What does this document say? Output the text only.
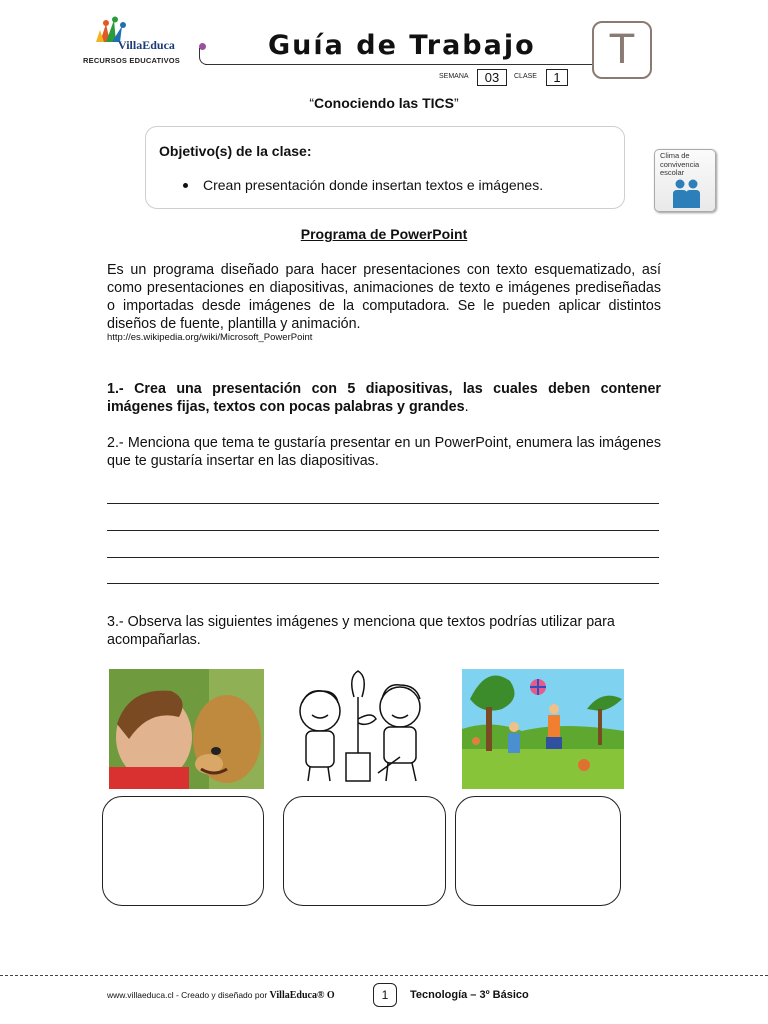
VillaEduca
RECURSOS EDUCATIVOS	Guía de Trabajo	T
SEMANA	03	CLASE	1
“Conociendo las TICS”
Objetivo(s) de la clase:
Crean presentación donde insertan textos e imágenes.
Clima de convivencia escolar
Programa de PowerPoint
Es un programa diseñado para hacer presentaciones con texto esquematizado, así como presentaciones en diapositivas, animaciones de texto e imágenes prediseñadas o importadas desde imágenes de la computadora. Se le pueden aplicar distintos diseños de fuente, plantilla y animación.
http://es.wikipedia.org/wiki/Microsoft_PowerPoint
1.- Crea una presentación con 5 diapositivas, las cuales deben contener imágenes fijas, textos con pocas palabras y grandes.
2.- Menciona que tema te gustaría presentar en un PowerPoint, enumera las imágenes que te gustaría insertar en las diapositivas.
3.- Observa las siguientes imágenes y menciona que textos podrías utilizar para acompañarlas.
www.villaeduca.cl - Creado y diseñado por VillaEduca® O	1	Tecnología – 3º Básico
